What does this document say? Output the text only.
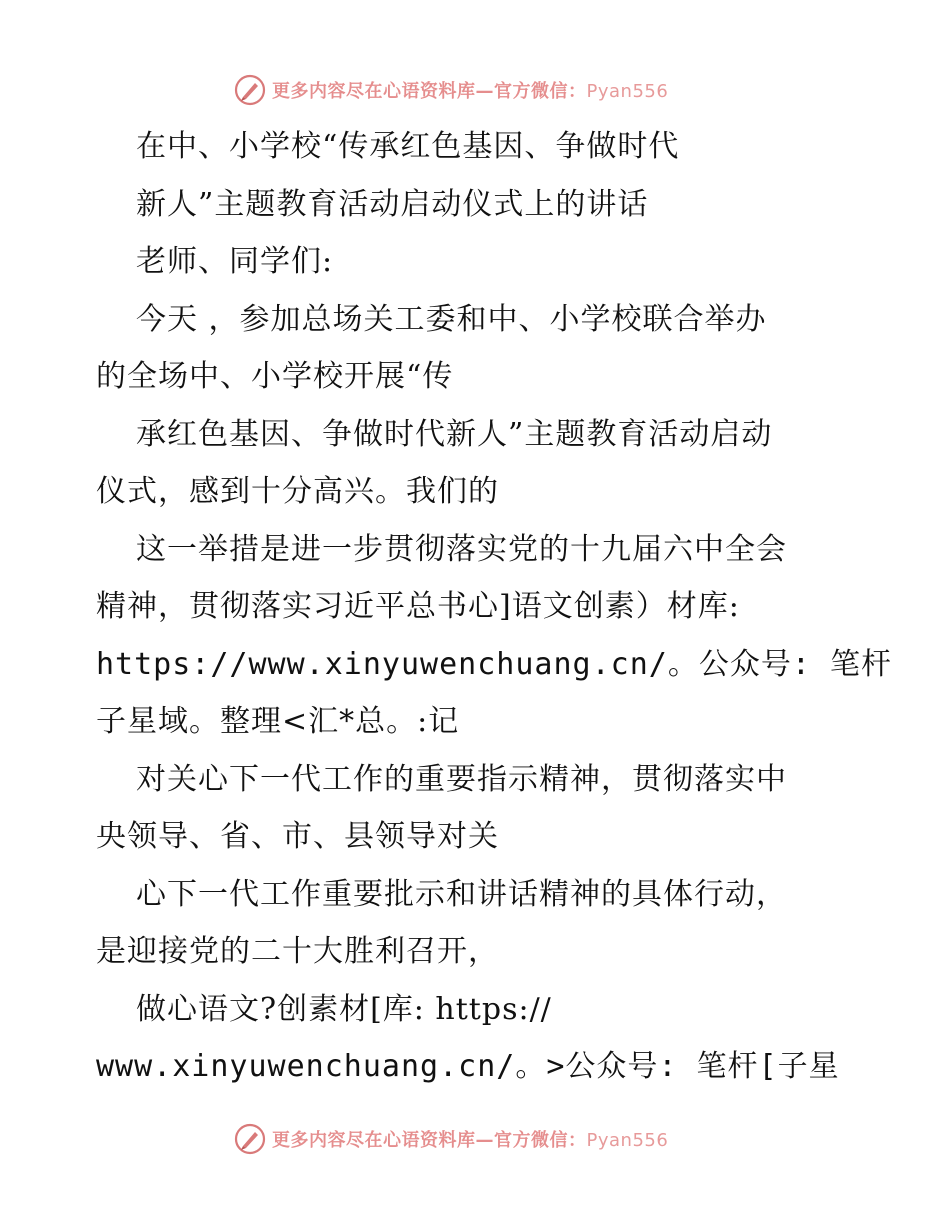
更多内容尽在心语资料库—官方微信：Pyan556
在中、小学校“传承红色基因、争做时代
新人”主题教育活动启动仪式上的讲话
老师、同学们:
今天 ，参加总场关工委和中、小学校联合举办
的全场中、小学校开展“传
承红色基因、争做时代新人”主题教育活动启动
仪式，感到十分高兴。我们的
这一举措是进一步贯彻落实党的十九届六中全会
精神，贯彻落实习近平总书心]语文创素）材库:
https://www.xinyuwenchuang.cn/。公众号: 笔杆
子星域。整理<汇*总。:记
对关心下一代工作的重要指示精神，贯彻落实中
央领导、省、市、县领导对关
心下一代工作重要批示和讲话精神的具体行动，
是迎接党的二十大胜利召开，
做心语文?创素材[库: https://
www.xinyuwenchuang.cn/。>公众号: 笔杆[子星
更多内容尽在心语资料库—官方微信：Pyan556
